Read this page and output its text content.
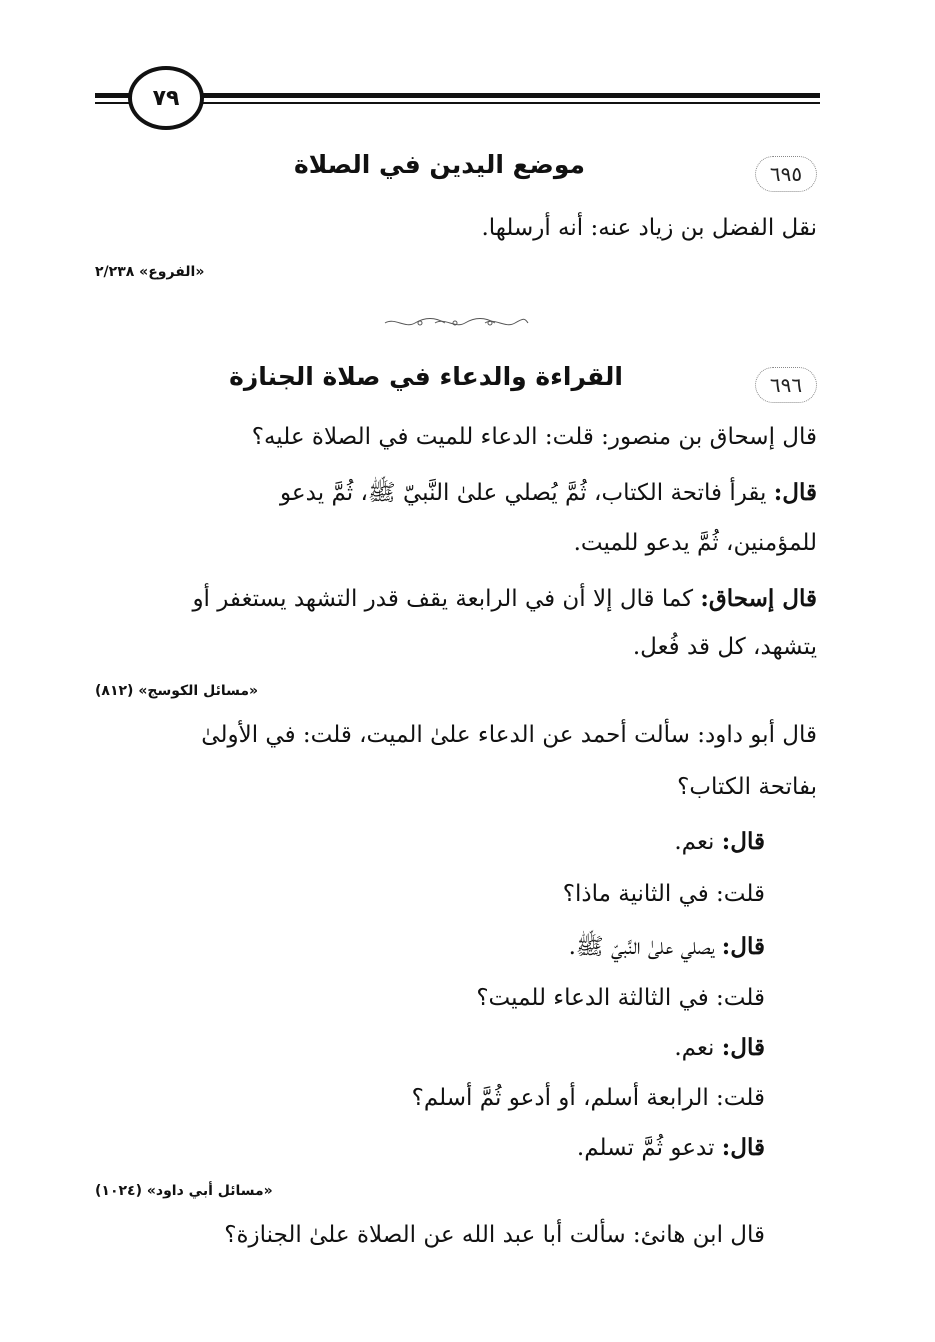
٧٩
٦٩٥
موضع اليدين في الصلاة
نقل الفضل بن زياد عنه: أنه أرسلها.
«الفروع» ٢/٢٣٨
٦٩٦
القراءة والدعاء في صلاة الجنازة
قال إسحاق بن منصور: قلت: الدعاء للميت في الصلاة عليه؟
قال: يقرأ فاتحة الكتاب، ثُمَّ يُصلي علىٰ النَّبيّ ﷺ، ثُمَّ يدعو
للمؤمنين، ثُمَّ يدعو للميت.
قال إسحاق: كما قال إلا أن في الرابعة يقف قدر التشهد يستغفر أو
يتشهد، كل قد فُعل.
«مسائل الكوسج» (٨١٢)
قال أبو داود: سألت أحمد عن الدعاء علىٰ الميت، قلت: في الأولىٰ
بفاتحة الكتاب؟
قال: نعم.
قلت: في الثانية ماذا؟
قال: يصلي علىٰ النَّبيّ ﷺ.
قلت: في الثالثة الدعاء للميت؟
قال: نعم.
قلت: الرابعة أسلم، أو أدعو ثُمَّ أسلم؟
قال: تدعو ثُمَّ تسلم.
«مسائل أبي داود» (١٠٢٤)
قال ابن هانئ: سألت أبا عبد الله عن الصلاة علىٰ الجنازة؟
